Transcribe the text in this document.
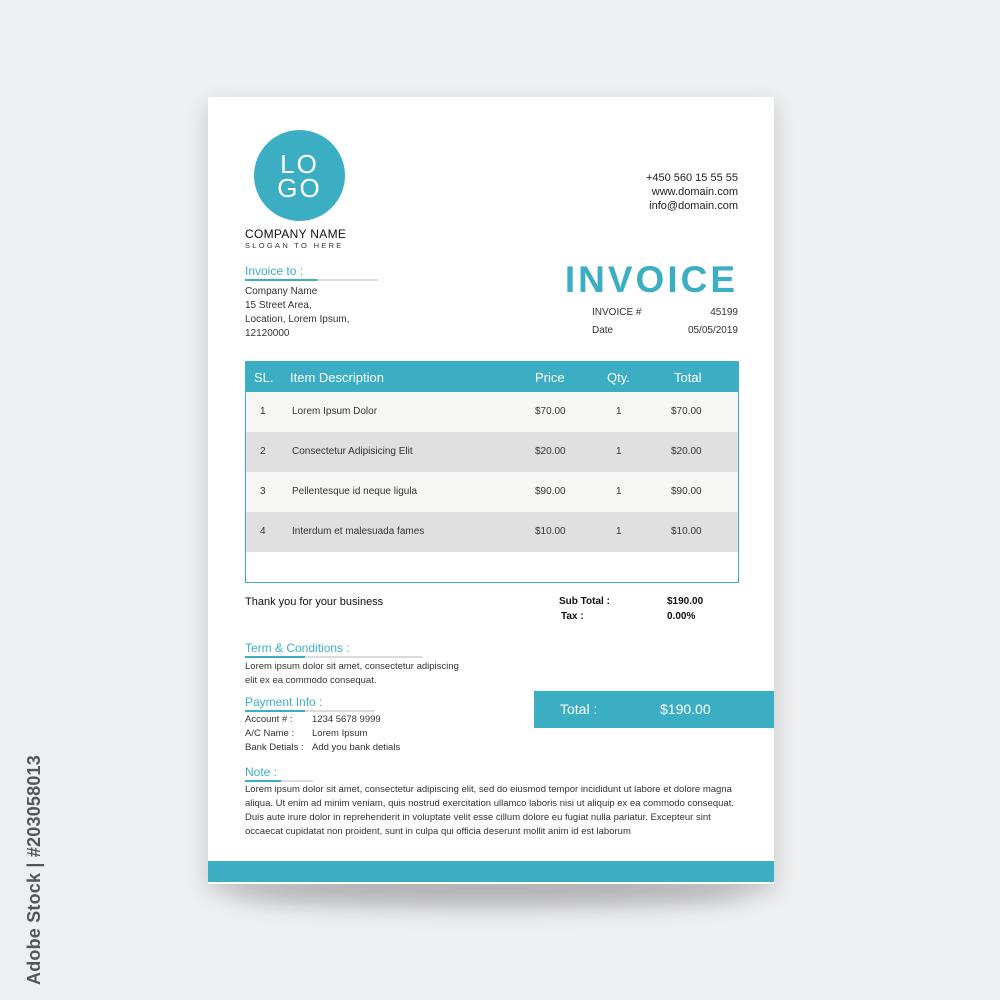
Adobe Stock | #203058013
LO
GO
COMPANY NAME
SLOGAN TO HERE
+450 560 15 55 55
www.domain.com
info@domain.com
Invoice to :
Company Name
15 Street Area,
Location, Lorem Ipsum,
12120000
INVOICE
INVOICE #	45199
Date	05/05/2019
SL. Item Description	Price	Qty.	Total
1	Lorem Ipsum Dolor	$70.00	1	$70.00
2	Consectetur Adipisicing Elit	$20.00	1	$20.00
3	Pellentesque id neque ligula	$90.00	1	$90.00
4	Interdum et malesuada fames	$10.00	1	$10.00
Thank you for your business	Sub Total :	$190.00
Tax :	0.00%
Term & Conditions :
Lorem ipsum dolor sit amet, consectetur adipiscing
elit ex ea commodo consequat.
Payment Info :
Account # : 1234 5678 9999
A/C Name : Lorem Ipsum
Bank Detials : Add you bank detials
Total :	$190.00
Note :
Lorem ipsum dolor sit amet, consectetur adipiscing elit, sed do eiusmod tempor incididunt ut labore et dolore magna
aliqua. Ut enim ad minim veniam, quis nostrud exercitation ullamco laboris nisi ut aliquip ex ea commodo consequat.
Duis aute irure dolor in reprehenderit in voluptate velit esse cillum dolore eu fugiat nulla pariatur. Excepteur sint
occaecat cupidatat non proident, sunt in culpa qui officia deserunt mollit anim id est laborum
